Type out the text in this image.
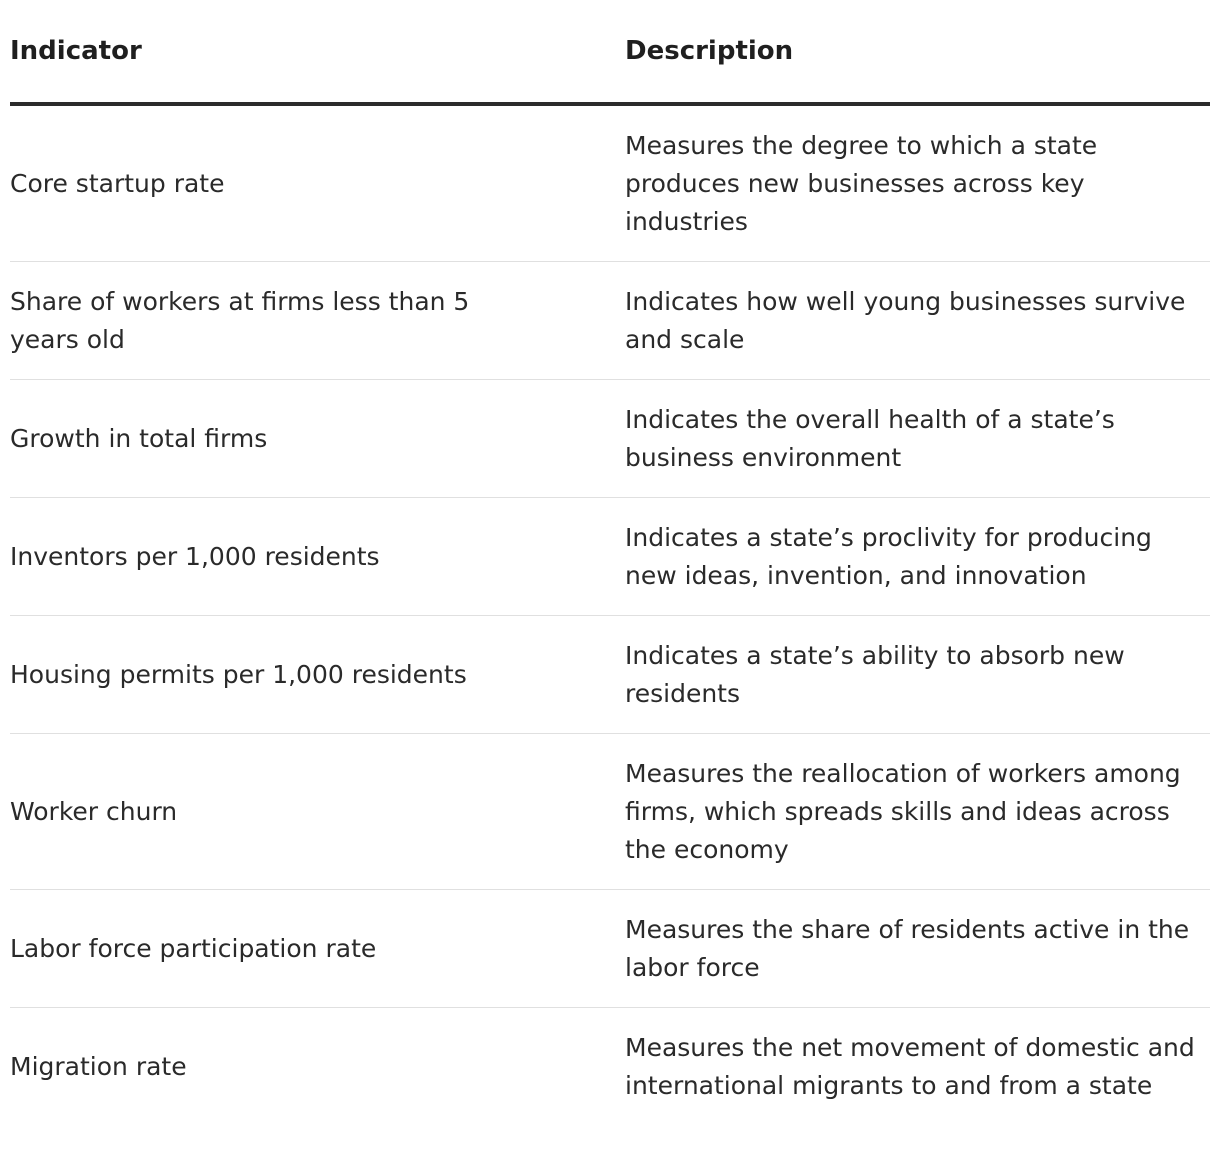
Indicator	Description
Core startup rate	Measures the degree to which a state produces new businesses across key industries
Share of workers at firms less than 5 years old	Indicates how well young businesses survive and scale
Growth in total firms	Indicates the overall health of a state’s business environment
Inventors per 1,000 residents	Indicates a state’s proclivity for producing new ideas, invention, and innovation
Housing permits per 1,000 residents	Indicates a state’s ability to absorb new residents
Worker churn	Measures the reallocation of workers among firms, which spreads skills and ideas across the economy
Labor force participation rate	Measures the share of residents active in the labor force
Migration rate	Measures the net movement of domestic and international migrants to and from a state
